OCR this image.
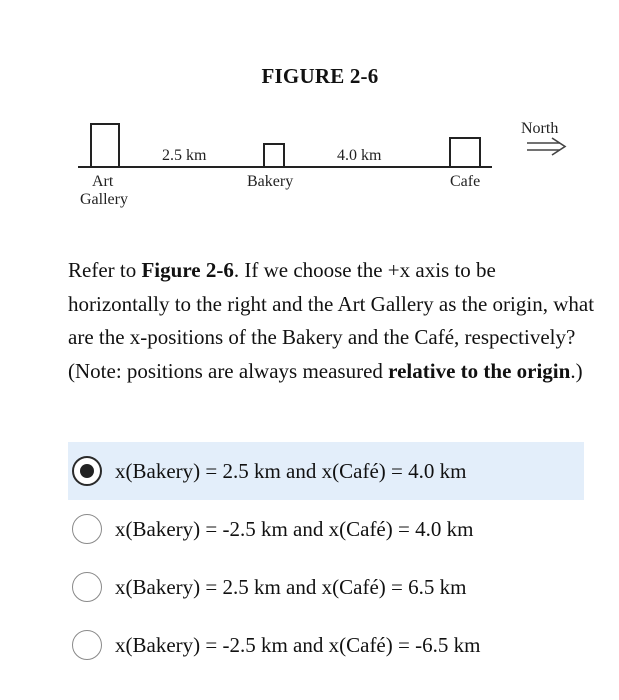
FIGURE 2-6
2.5 km	4.0 km
Art
Gallery
Bakery	Cafe
North
Refer to Figure 2-6. If we choose the +x axis to be horizontally to the right and the Art Gallery as the origin, what are the x-positions of the Bakery and the Café, respectively? (Note: positions are always measured relative to the origin.)
x(Bakery) = 2.5 km and x(Café) = 4.0 km
x(Bakery) = -2.5 km and x(Café) = 4.0 km
x(Bakery) = 2.5 km and x(Café) = 6.5 km
x(Bakery) = -2.5 km and x(Café) = -6.5 km
